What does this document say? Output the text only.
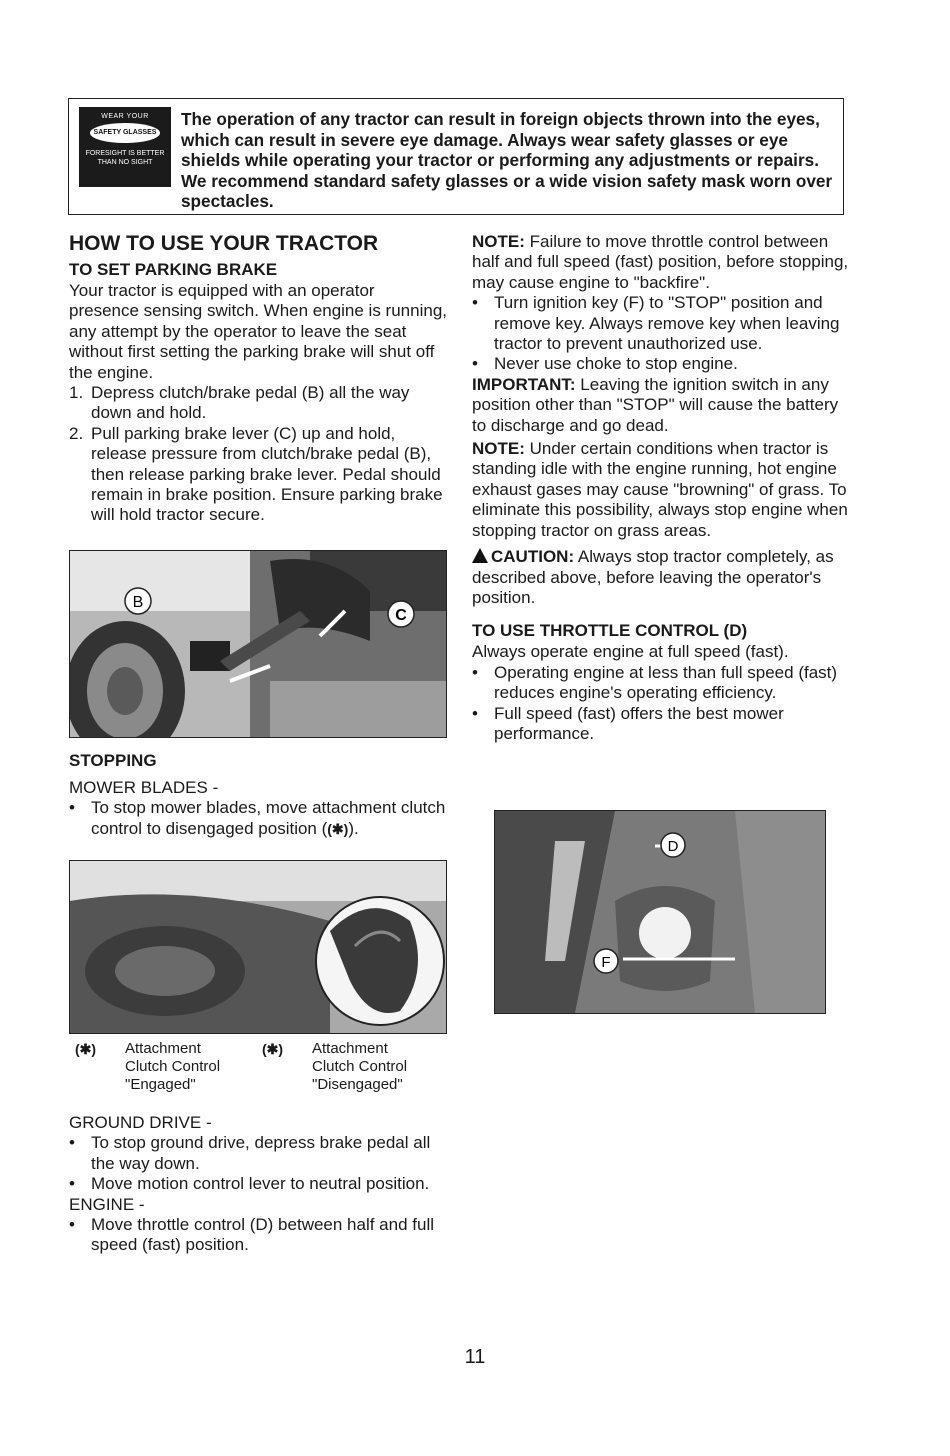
WEAR YOUR
SAFETY GLASSES
FORESIGHT IS BETTER
THAN NO SIGHT

The operation of any tractor can result in foreign objects thrown into the eyes, which can result in severe eye damage. Always wear safety glasses or eye shields while operating your tractor or performing any adjustments or repairs. We recommend standard safety glasses or a wide vision safety mask worn over spectacles.

HOW TO USE YOUR TRACTOR
TO SET PARKING BRAKE

Your tractor is equipped with an operator presence sensing switch. When engine is running, any attempt by the operator to leave the seat without first setting the parking brake will shut off the engine.

1. Depress clutch/brake pedal (B) all the way down and hold.
2. Pull parking brake lever (C) up and hold, release pressure from clutch/brake pedal (B), then release parking brake lever. Pedal should remain in brake position. Ensure parking brake will hold tractor secure.
B
C
STOPPING

MOWER BLADES -

• To stop mower blades, move attachment clutch control to disengaged position ((✱)).
(✱)	Attachment
Clutch Control
"Engaged"
(✱)	Attachment
Clutch Control
"Disengaged"

GROUND DRIVE -

• To stop ground drive, depress brake pedal all the way down.
• Move motion control lever to neutral position.

ENGINE -

• Move throttle control (D) between half and full speed (fast) position.

NOTE: Failure to move throttle control between half and full speed (fast) position, before stopping, may cause engine to "backfire".

• Turn ignition key (F) to "STOP" position and remove key. Always remove key when leaving tractor to prevent unauthorized use.
• Never use choke to stop engine.

IMPORTANT: Leaving the ignition switch in any position other than "STOP" will cause the battery to discharge and go dead.

NOTE: Under certain conditions when tractor is standing idle with the engine running, hot engine exhaust gases may cause "browning" of grass. To eliminate this possibility, always stop engine when stopping tractor on grass areas.

CAUTION: Always stop tractor completely, as described above, before leaving the operator's position.

TO USE THROTTLE CONTROL (D)

Always operate engine at full speed (fast).

• Operating engine at less than full speed (fast) reduces engine's operating efficiency.
• Full speed (fast) offers the best mower performance.
D
F
11
